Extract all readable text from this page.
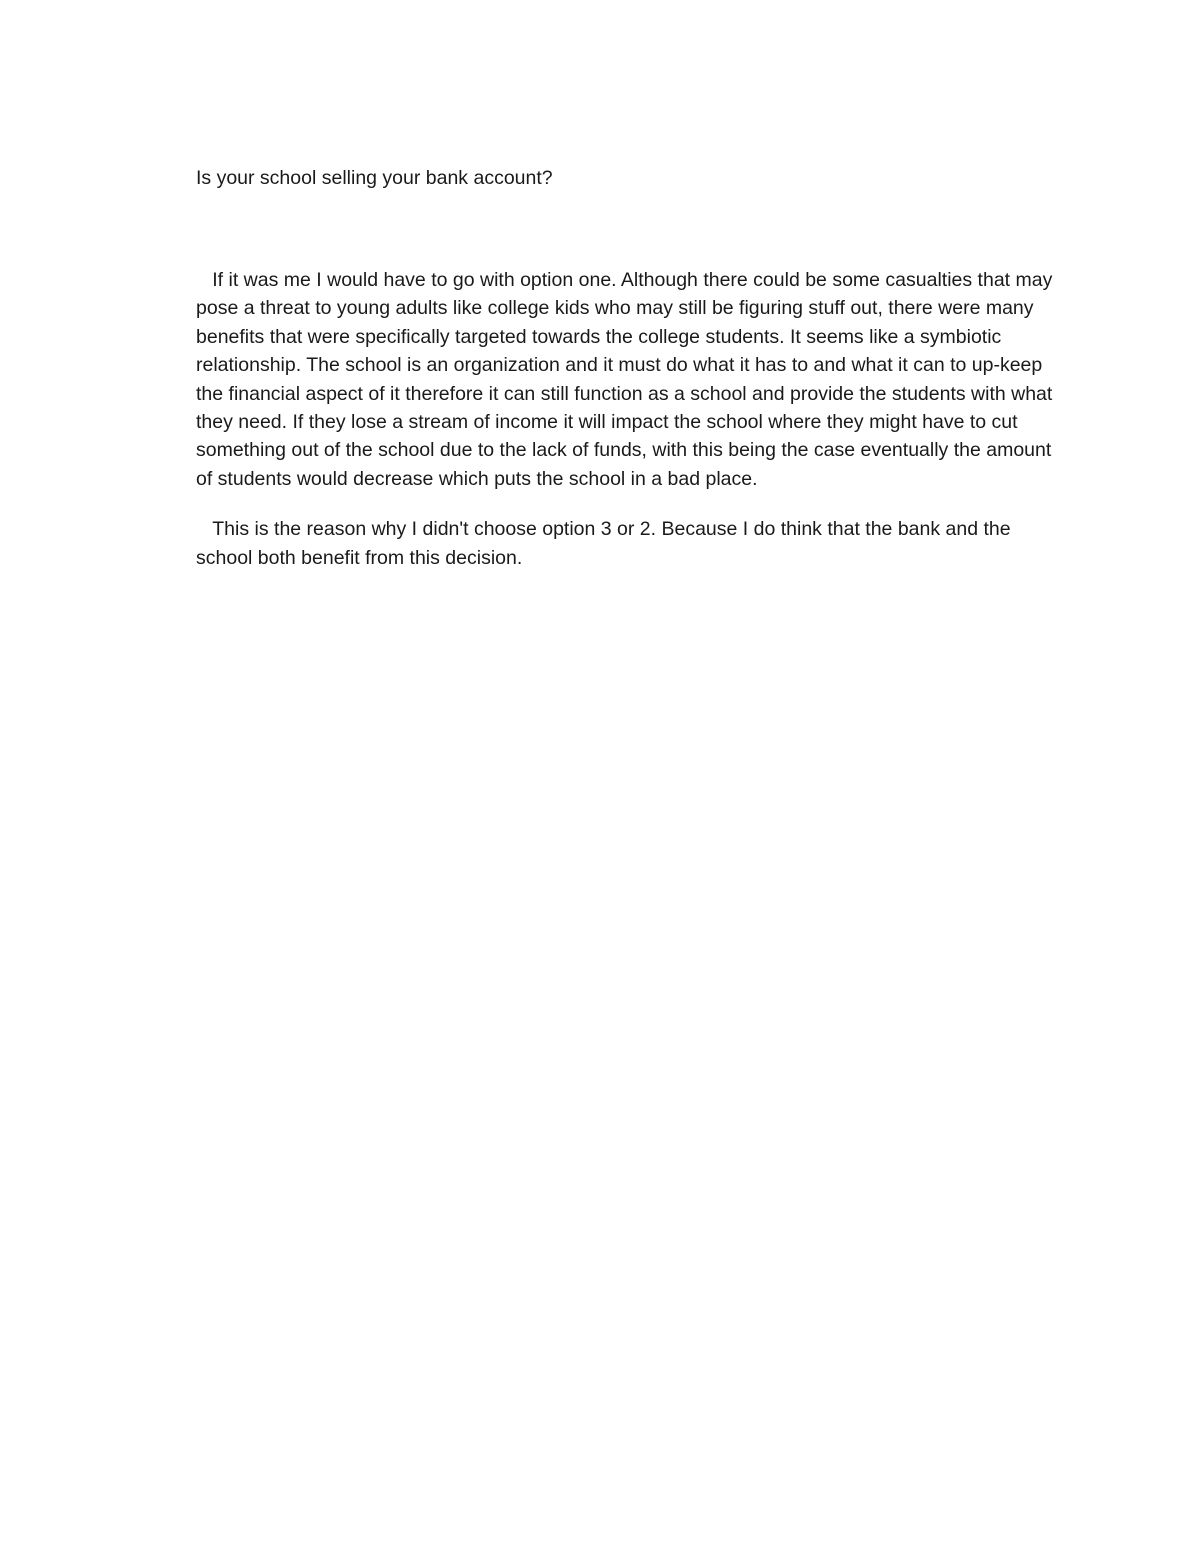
Is your school selling your bank account?

If it was me I would have to go with option one. Although there could be some casualties that may pose a threat to young adults like college kids who may still be figuring stuff out, there were many benefits that were specifically targeted towards the college students. It seems like a symbiotic relationship. The school is an organization and it must do what it has to and what it can to up-keep the financial aspect of it therefore it can still function as a school and provide the students with what they need. If they lose a stream of income it will impact the school where they might have to cut something out of the school due to the lack of funds, with this being the case eventually the amount of students would decrease which puts the school in a bad place.

This is the reason why I didn't choose option 3 or 2. Because I do think that the bank and the school both benefit from this decision.
